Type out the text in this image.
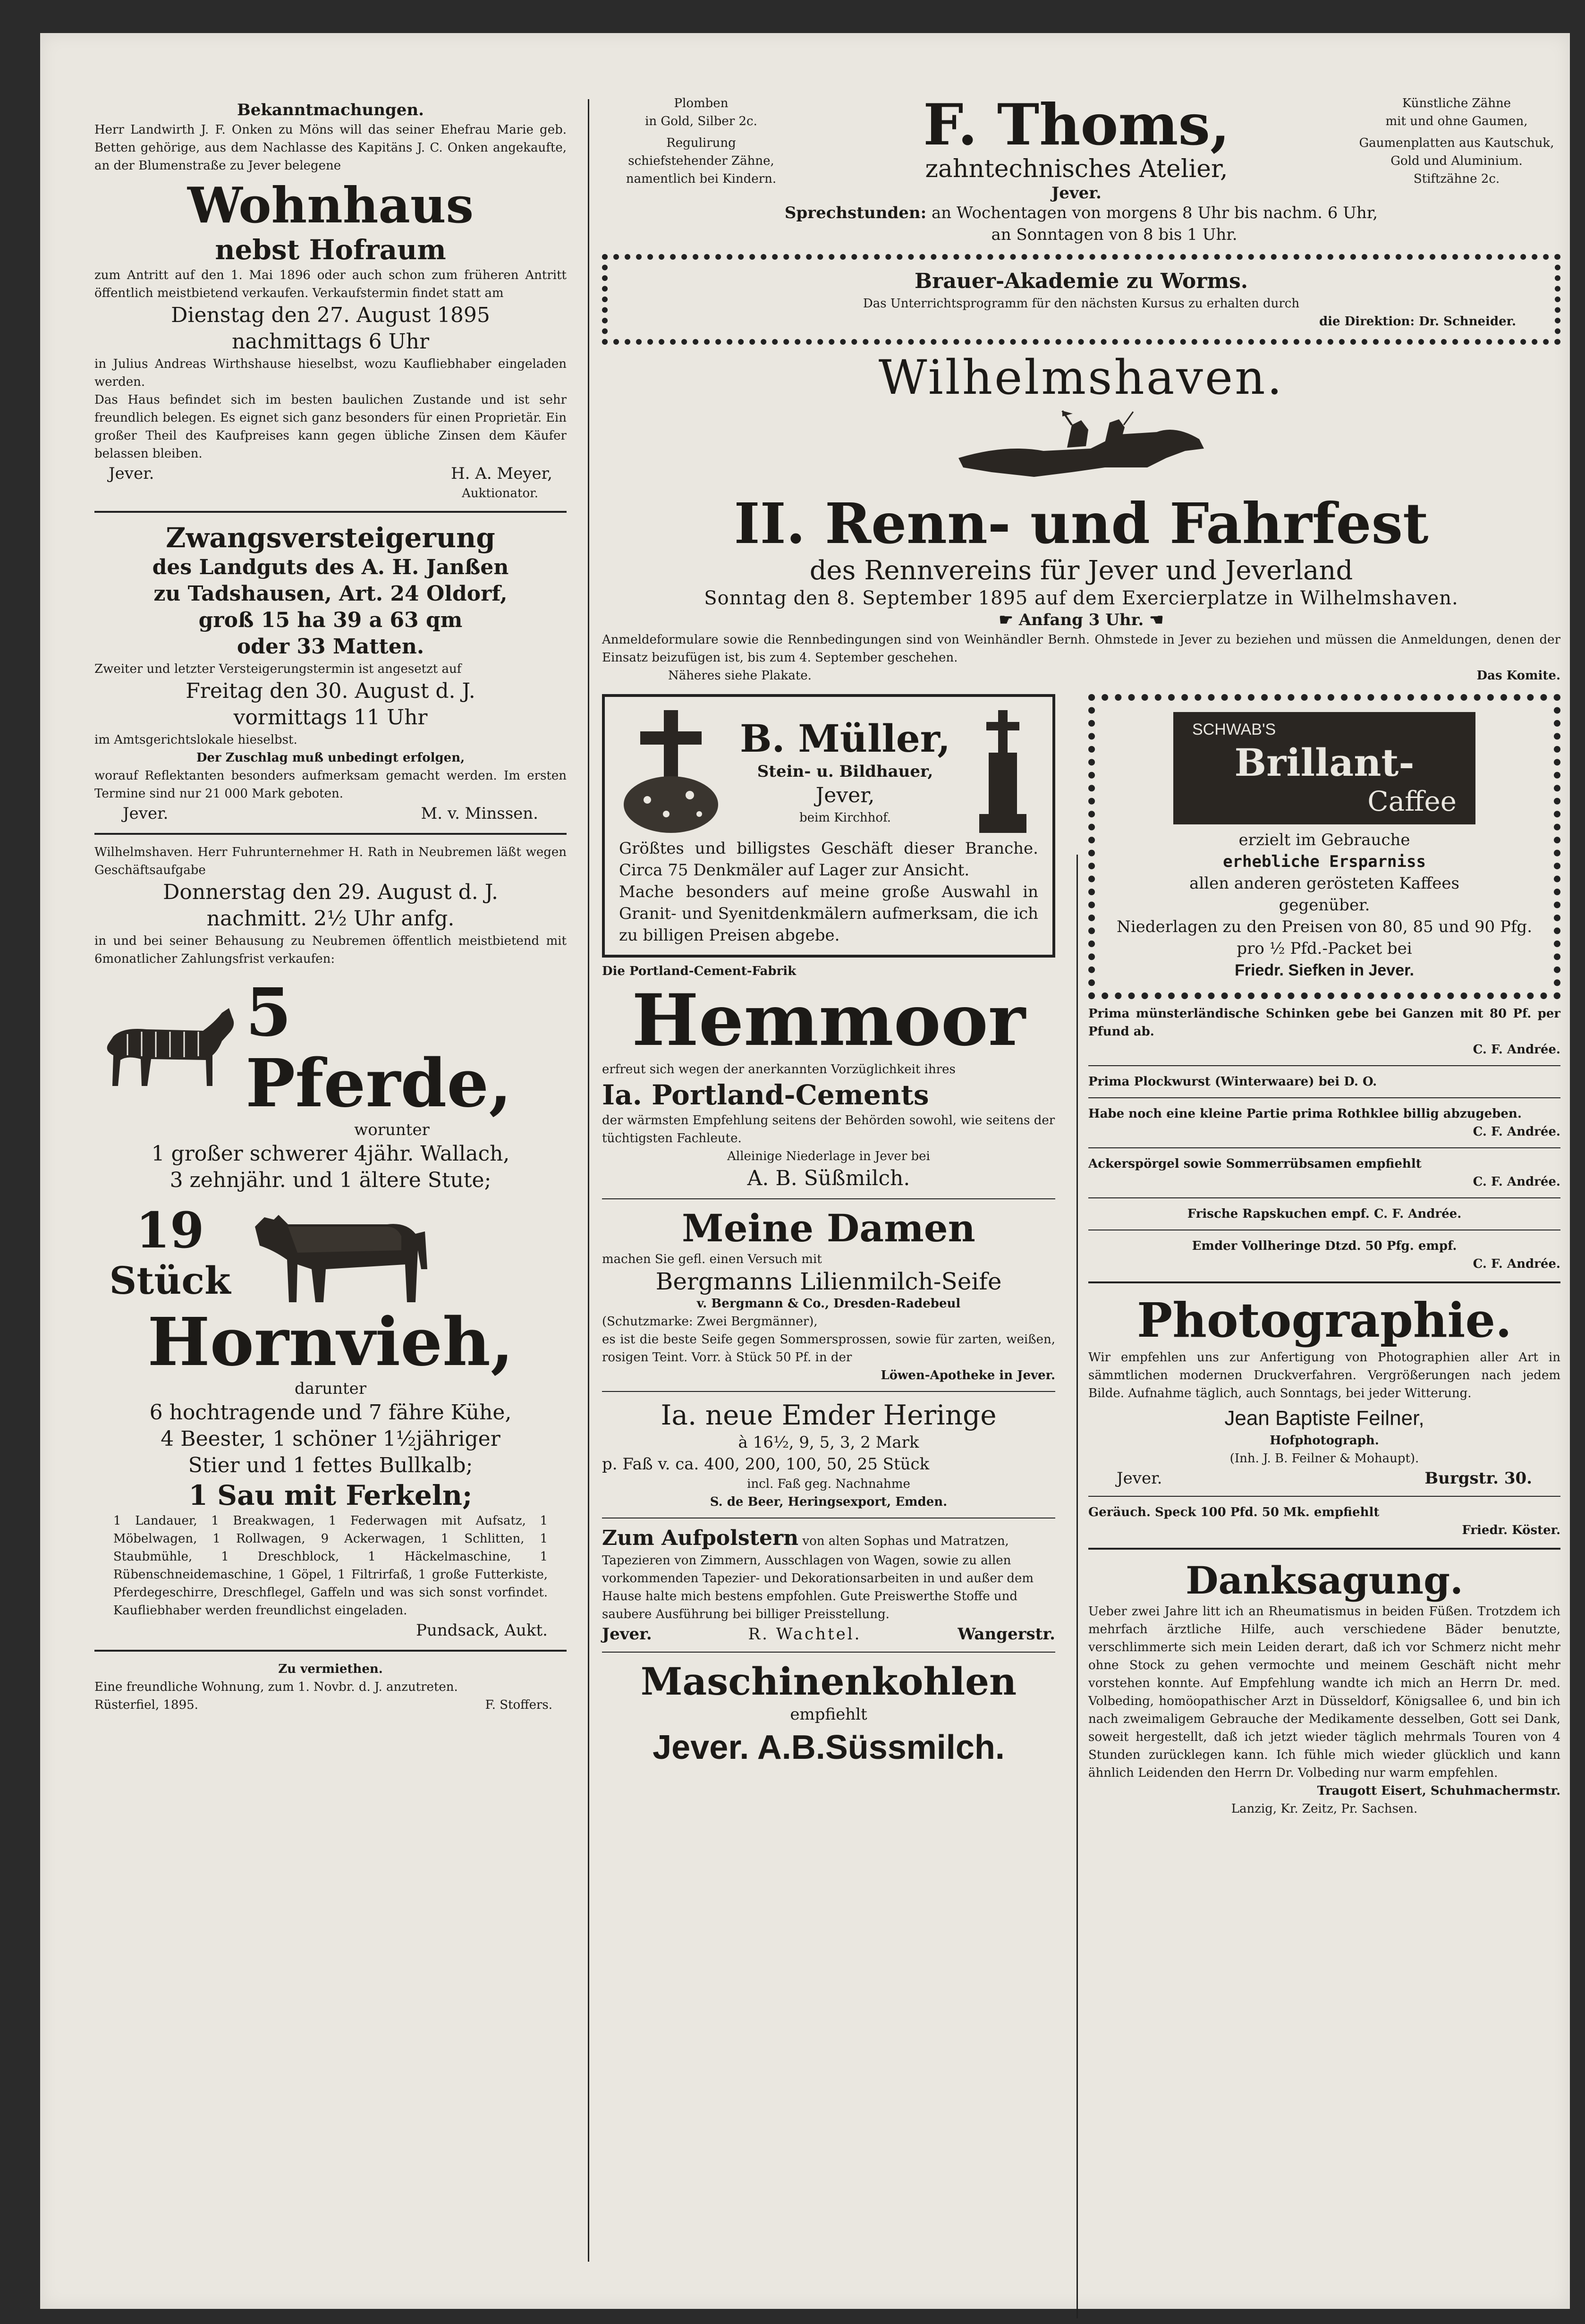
Bekanntmachungen.
Herr Landwirth J. F. Onken zu Möns will das seiner Ehefrau Marie geb. Betten gehörige, aus dem Nachlasse des Kapitäns J. C. Onken angekaufte, an der Blumenstraße zu Jever belegene
Wohnhaus
nebst Hofraum
zum Antritt auf den 1. Mai 1896 oder auch schon zum früheren Antritt öffentlich meistbietend verkaufen. Verkaufstermin findet statt am
Dienstag den 27. August 1895
nachmittags 6 Uhr
in Julius Andreas Wirthshause hieselbst, wozu Kaufliebhaber eingeladen werden.
Das Haus befindet sich im besten baulichen Zustande und ist sehr freundlich belegen. Es eignet sich ganz besonders für einen Proprietär. Ein großer Theil des Kaufpreises kann gegen übliche Zinsen dem Käufer belassen bleiben.
Jever.	H. A. Meyer,
Auktionator.
Zwangsversteigerung
des Landguts des A. H. Janßen
zu Tadshausen, Art. 24 Oldorf,
groß 15 ha 39 a 63 qm
oder 33 Matten.
Zweiter und letzter Versteigerungstermin ist angesetzt auf
Freitag den 30. August d. J.
vormittags 11 Uhr
im Amtsgerichtslokale hieselbst.
Der Zuschlag muß unbedingt erfolgen,
worauf Reflektanten besonders aufmerksam gemacht werden. Im ersten Termine sind nur 21 000 Mark geboten.
Jever.	M. v. Minssen.
Wilhelmshaven. Herr Fuhrunternehmer H. Rath in Neubremen läßt wegen Geschäftsaufgabe
Donnerstag den 29. August d. J.
nachmitt. 2½ Uhr anfg.
in und bei seiner Behausung zu Neubremen öffentlich meistbietend mit 6monatlicher Zahlungsfrist verkaufen:
5 Pferde,
worunter
1 großer schwerer 4jähr. Wallach,
3 zehnjähr. und 1 ältere Stute;
19
Stück
Hornvieh,
darunter
6 hochtragende und 7 fähre Kühe,
4 Beester, 1 schöner 1½jähriger
Stier und 1 fettes Bullkalb;
1 Sau mit Ferkeln;
1 Landauer, 1 Breakwagen, 1 Federwagen mit Aufsatz, 1 Möbelwagen, 1 Rollwagen, 9 Ackerwagen, 1 Schlitten, 1 Staubmühle, 1 Dreschblock, 1 Häckelmaschine, 1 Rübenschneidemaschine, 1 Göpel, 1 Filtrirfaß, 1 große Futterkiste, Pferdegeschirre, Dreschflegel, Gaffeln und was sich sonst vorfindet. Kaufliebhaber werden freundlichst eingeladen.
Pundsack, Aukt.
Zu vermiethen.
Eine freundliche Wohnung, zum 1. Novbr. d. J. anzutreten.
Rüsterfiel, 1895.	F. Stoffers.
Plomben
in Gold, Silber 2c.
Regulirung
schiefstehender Zähne,
namentlich bei Kindern.
F. Thoms,
zahntechnisches Atelier,
Jever.
Künstliche Zähne
mit und ohne Gaumen,
Gaumenplatten aus Kautschuk,
Gold und Aluminium.
Stiftzähne 2c.
Sprechstunden: an Wochentagen von morgens 8 Uhr bis nachm. 6 Uhr,
an Sonntagen von 8 bis 1 Uhr.
Brauer-Akademie zu Worms.
Das Unterrichtsprogramm für den nächsten Kursus zu erhalten durch
die Direktion: Dr. Schneider.
Wilhelmshaven.
II. Renn- und Fahrfest
des Rennvereins für Jever und Jeverland
Sonntag den 8. September 1895 auf dem Exercierplatze in Wilhelmshaven.
☛ Anfang 3 Uhr. ☚
Anmeldeformulare sowie die Rennbedingungen sind von Weinhändler Bernh. Ohmstede in Jever zu beziehen und müssen die Anmeldungen, denen der Einsatz beizufügen ist, bis zum 4. September geschehen.
Näheres siehe Plakate.	Das Komite.
B. Müller,
Stein- u. Bildhauer,
Jever,
beim Kirchhof.
Größtes und billigstes Geschäft dieser Branche. Circa 75 Denkmäler auf Lager zur Ansicht.
Mache besonders auf meine große Auswahl in Granit- und Syenitdenkmälern aufmerksam, die ich zu billigen Preisen abgebe.
Die Portland-Cement-Fabrik
Hemmoor
erfreut sich wegen der anerkannten Vorzüglichkeit ihres
Ia. Portland-Cements
der wärmsten Empfehlung seitens der Behörden sowohl, wie seitens der tüchtigsten Fachleute.
Alleinige Niederlage in Jever bei
A. B. Süßmilch.
Meine Damen
machen Sie gefl. einen Versuch mit
Bergmanns Lilienmilch-Seife
v. Bergmann & Co., Dresden-Radebeul
(Schutzmarke: Zwei Bergmänner),
es ist die beste Seife gegen Sommersprossen, sowie für zarten, weißen, rosigen Teint. Vorr. à Stück 50 Pf. in der
Löwen-Apotheke in Jever.
Ia. neue Emder Heringe
à 16½, 9, 5, 3, 2 Mark
p. Faß v. ca. 400, 200, 100, 50, 25 Stück
incl. Faß geg. Nachnahme
S. de Beer, Heringsexport, Emden.
Zum Aufpolstern von alten Sophas und Matratzen, Tapezieren von Zimmern, Ausschlagen von Wagen, sowie zu allen vorkommenden Tapezier- und Dekorationsarbeiten in und außer dem Hause halte mich bestens empfohlen. Gute Preiswerthe Stoffe und saubere Ausführung bei billiger Preisstellung.
Jever.	R. Wachtel.	Wangerstr.
Maschinenkohlen
empfiehlt
Jever. A.B.Süssmilch.
SCHWAB'S
Brillant-
Caffee
erzielt im Gebrauche
erhebliche Ersparniss
allen anderen gerösteten Kaffees
gegenüber.
Niederlagen zu den Preisen von 80, 85 und 90 Pfg. pro ½ Pfd.-Packet bei
Friedr. Siefken in Jever.
Prima münsterländische Schinken gebe bei Ganzen mit 80 Pf. per Pfund ab.
C. F. Andrée.
Prima Plockwurst (Winterwaare) bei D. O.
Habe noch eine kleine Partie prima Rothklee billig abzugeben.
C. F. Andrée.
Ackerspörgel sowie Sommerrübsamen empfiehlt
C. F. Andrée.
Frische Rapskuchen empf. C. F. Andrée.
Emder Vollheringe Dtzd. 50 Pfg. empf.
C. F. Andrée.
Photographie.
Wir empfehlen uns zur Anfertigung von Photographien aller Art in sämmtlichen modernen Druckverfahren. Vergrößerungen nach jedem Bilde. Aufnahme täglich, auch Sonntags, bei jeder Witterung.
Jean Baptiste Feilner,
Hofphotograph.
(Inh. J. B. Feilner & Mohaupt).
Jever.	Burgstr. 30.
Geräuch. Speck 100 Pfd. 50 Mk. empfiehlt
Friedr. Köster.
Danksagung.
Ueber zwei Jahre litt ich an Rheumatismus in beiden Füßen. Trotzdem ich mehrfach ärztliche Hilfe, auch verschiedene Bäder benutzte, verschlimmerte sich mein Leiden derart, daß ich vor Schmerz nicht mehr ohne Stock zu gehen vermochte und meinem Geschäft nicht mehr vorstehen konnte. Auf Empfehlung wandte ich mich an Herrn Dr. med. Volbeding, homöopathischer Arzt in Düsseldorf, Königsallee 6, und bin ich nach zweimaligem Gebrauche der Medikamente desselben, Gott sei Dank, soweit hergestellt, daß ich jetzt wieder täglich mehrmals Touren von 4 Stunden zurücklegen kann. Ich fühle mich wieder glücklich und kann ähnlich Leidenden den Herrn Dr. Volbeding nur warm empfehlen.
Traugott Eisert, Schuhmachermstr.
Lanzig, Kr. Zeitz, Pr. Sachsen.
